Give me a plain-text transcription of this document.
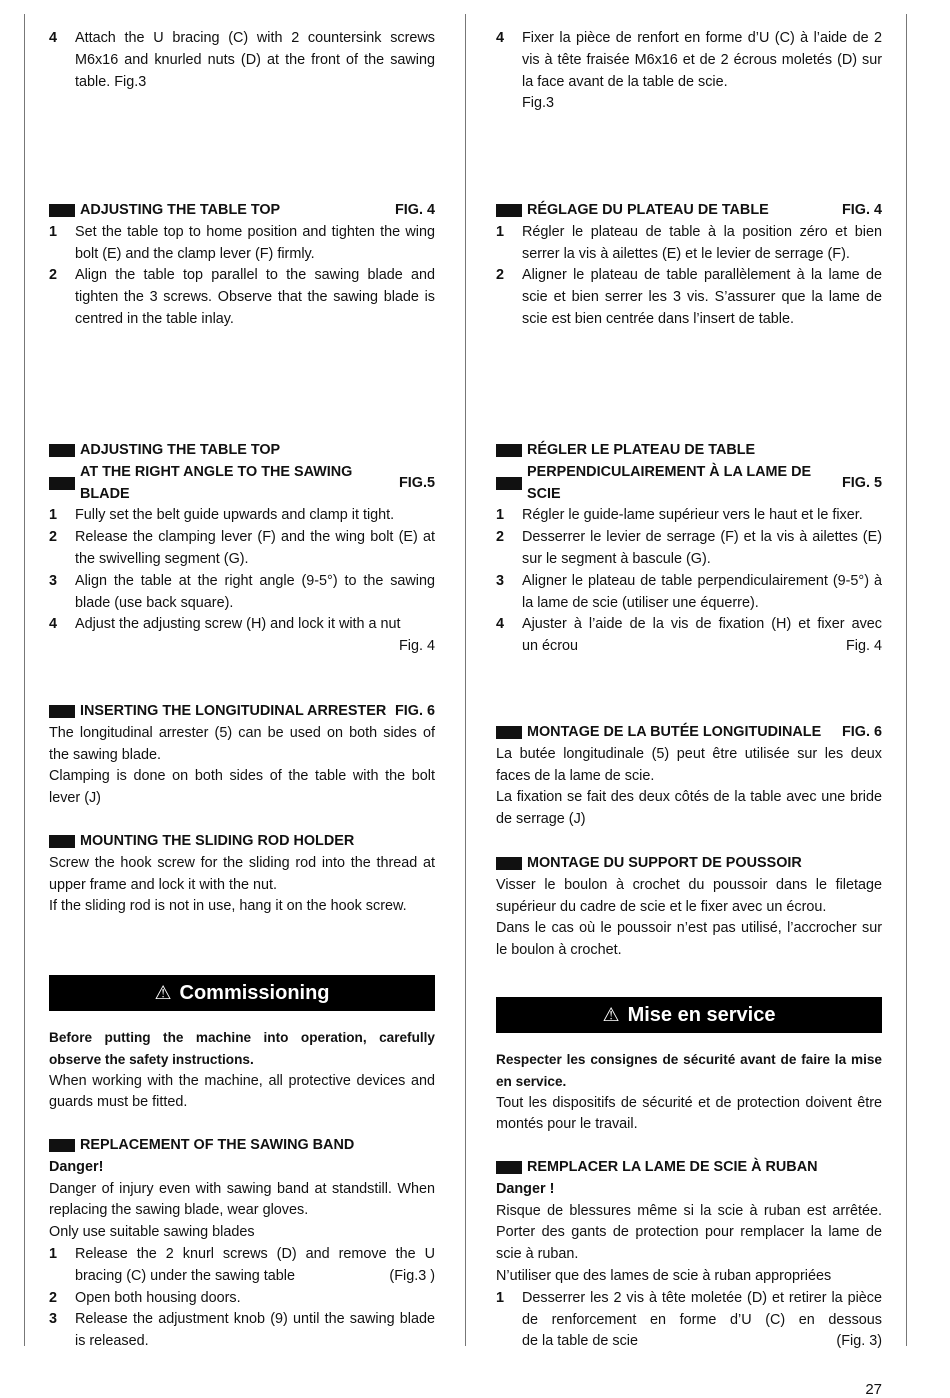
4	Attach the U bracing (C) with 2 countersink screws M6x16 and knurled nuts (D) at the front of the sawing table. Fig.3
ADJUSTING THE TABLE TOP	FIG. 4
1	Set the table top to home position and tighten the wing bolt (E) and the clamp lever (F) firmly.
2	Align the table top parallel to the sawing blade and tighten the 3 screws. Observe that the sawing blade is centred in the table inlay.
ADJUSTING THE TABLE TOP
AT THE RIGHT ANGLE TO THE SAWING BLADE
FIG.5
1	Fully set the belt guide upwards and clamp it tight.
2	Release the clamping lever (F) and the wing bolt (E) at the swivelling segment (G).
3	Align the table at the right angle (9-5°) to the sawing blade (use back square).
4	Adjust the adjusting screw (H) and lock it with a nut
Fig. 4
INSERTING THE LONGITUDINAL ARRESTER FIG. 6

The longitudinal arrester (5) can be used on both sides of the sawing blade.

Clamping is done on both sides of the table with the bolt lever (J)

MOUNTING THE SLIDING ROD HOLDER

Screw the hook screw for the sliding rod into the thread at upper frame and lock it with the nut.

If the sliding rod is not in use, hang it on the hook screw.

⚠ Commissioning

Before putting the machine into operation, carefully observe the safety instructions.

When working with the machine, all protective devices and guards must be fitted.

REPLACEMENT OF THE SAWING BAND
Danger!

Danger of injury even with sawing band at standstill. When replacing the sawing blade, wear gloves.

Only use suitable sawing blades

1	Release the 2 knurl screws (D) and remove the U
bracing (C) under the sawing table	(Fig.3 )
2	Open both housing doors.
3	Release the adjustment knob (9) until the sawing blade is released.
4	Fixer la pièce de renfort en forme d’U (C) à l’aide de 2 vis à tête fraisée M6x16 et de 2 écrous moletés (D) sur la face avant de la table de scie.
Fig.3
RÉGLAGE DU PLATEAU DE TABLE	FIG. 4
1	Régler le plateau de table à la position zéro et bien serrer la vis à ailettes (E) et le levier de serrage (F).
2	Aligner le plateau de table parallèlement à la lame de scie et bien serrer les 3 vis. S’assurer que la lame de scie est bien centrée dans l’insert de table.
RÉGLER LE PLATEAU DE TABLE
PERPENDICULAIREMENT À LA LAME DE SCIE
FIG. 5
1	Régler le guide-lame supérieur vers le haut et le fixer.
2	Desserrer le levier de serrage (F) et la vis à ailettes (E) sur le segment à bascule (G).
3	Aligner le plateau de table perpendiculairement (9-5°) à la lame de scie (utiliser une équerre).
4	Ajuster à l’aide de la vis de fixation (H) et fixer avec
un écrou	Fig. 4
MONTAGE DE LA BUTÉE LONGITUDINALE	FIG. 6

La butée longitudinale (5) peut être utilisée sur les deux faces de la lame de scie.

La fixation se fait des deux côtés de la table avec une bride de serrage (J)

MONTAGE DU SUPPORT DE POUSSOIR

Visser le boulon à crochet du poussoir dans le filetage supérieur du cadre de scie et le fixer avec un écrou.

Dans le cas où le poussoir n’est pas utilisé, l’accrocher sur le boulon à crochet.

⚠ Mise en service

Respecter les consignes de sécurité avant de faire la mise en service.

Tout les dispositifs de sécurité et de protection doivent être montés pour le travail.

REMPLACER LA LAME DE SCIE À RUBAN
Danger !

Risque de blessures même si la scie à ruban est arrêtée. Porter des gants de protection pour remplacer la lame de scie à ruban.

N’utiliser que des lames de scie à ruban appropriées

1	Desserrer les 2 vis à tête moletée (D) et retirer la pièce de renforcement en forme d’U (C) en dessous
de la table de scie	(Fig. 3)
27
